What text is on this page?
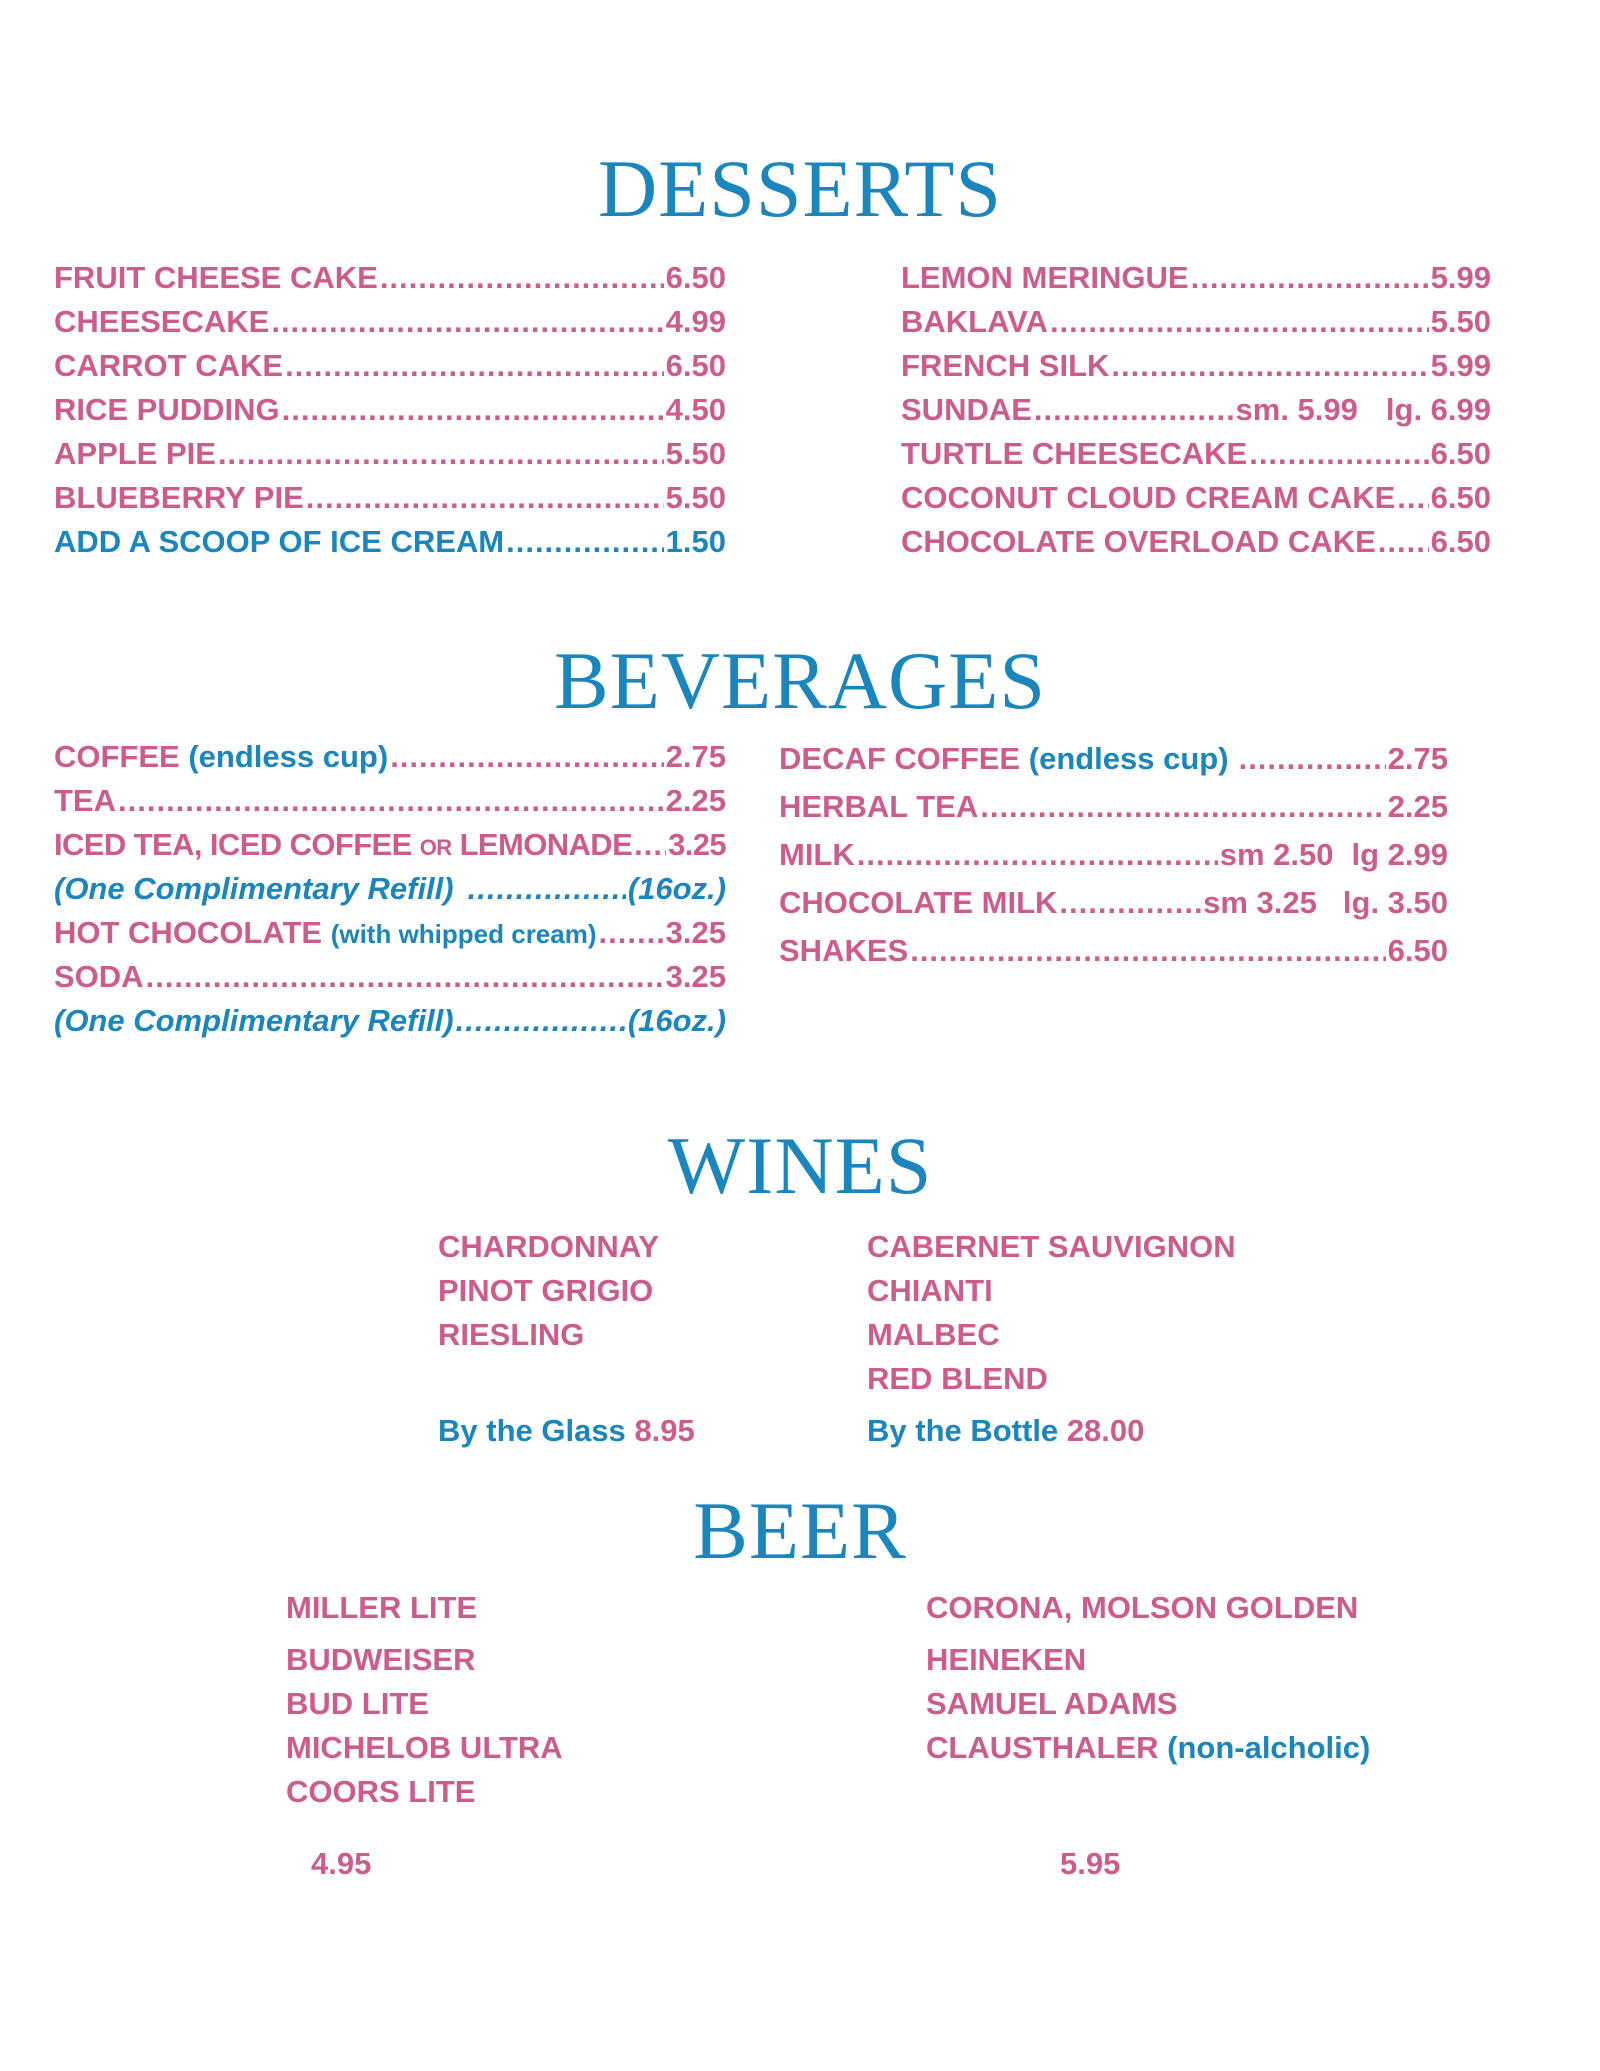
DESSERTS
FRUIT CHEESE CAKE .....	6.50
CHEESECAKE .....	4.99
CARROT CAKE .....	6.50
RICE PUDDING .....	4.50
APPLE PIE .....	5.50
BLUEBERRY PIE .....	5.50
ADD A SCOOP OF ICE CREAM .....	1.50
LEMON MERINGUE .....	5.99
BAKLAVA .....	5.50
FRENCH SILK .....	5.99
SUNDAE .....	sm. 5.99 lg. 6.99
TURTLE CHEESECAKE .....	6.50
COCONUT CLOUD CREAM CAKE ..... 6.50
CHOCOLATE OVERLOAD CAKE ..... 6.50
BEVERAGES
COFFEE (endless cup) .....	2.75
TEA .....	2.25
ICED TEA, ICED COFFEE OR LEMONADE ..... 3.25
(One Complimentary Refill) .....	(16oz.)
HOT CHOCOLATE (with whipped cream) ..... 3.25
SODA .....	3.25
(One Complimentary Refill) .....	(16oz.)
DECAF COFFEE (endless cup) .....	2.75
HERBAL TEA .....	2.25
MILK .....	sm 2.50 lg 2.99
CHOCOLATE MILK .....	sm 3.25 lg. 3.50
SHAKES .....	6.50
WINES
CHARDONNAY
PINOT GRIGIO
RIESLING
CABERNET SAUVIGNON
CHIANTI
MALBEC
RED BLEND
By the Glass 8.95	By the Bottle 28.00
BEER
MILLER LITE
BUDWEISER
BUD LITE
MICHELOB ULTRA
COORS LITE
CORONA, MOLSON GOLDEN
HEINEKEN
SAMUEL ADAMS
CLAUSTHALER (non-alcholic)
4.95	5.95
